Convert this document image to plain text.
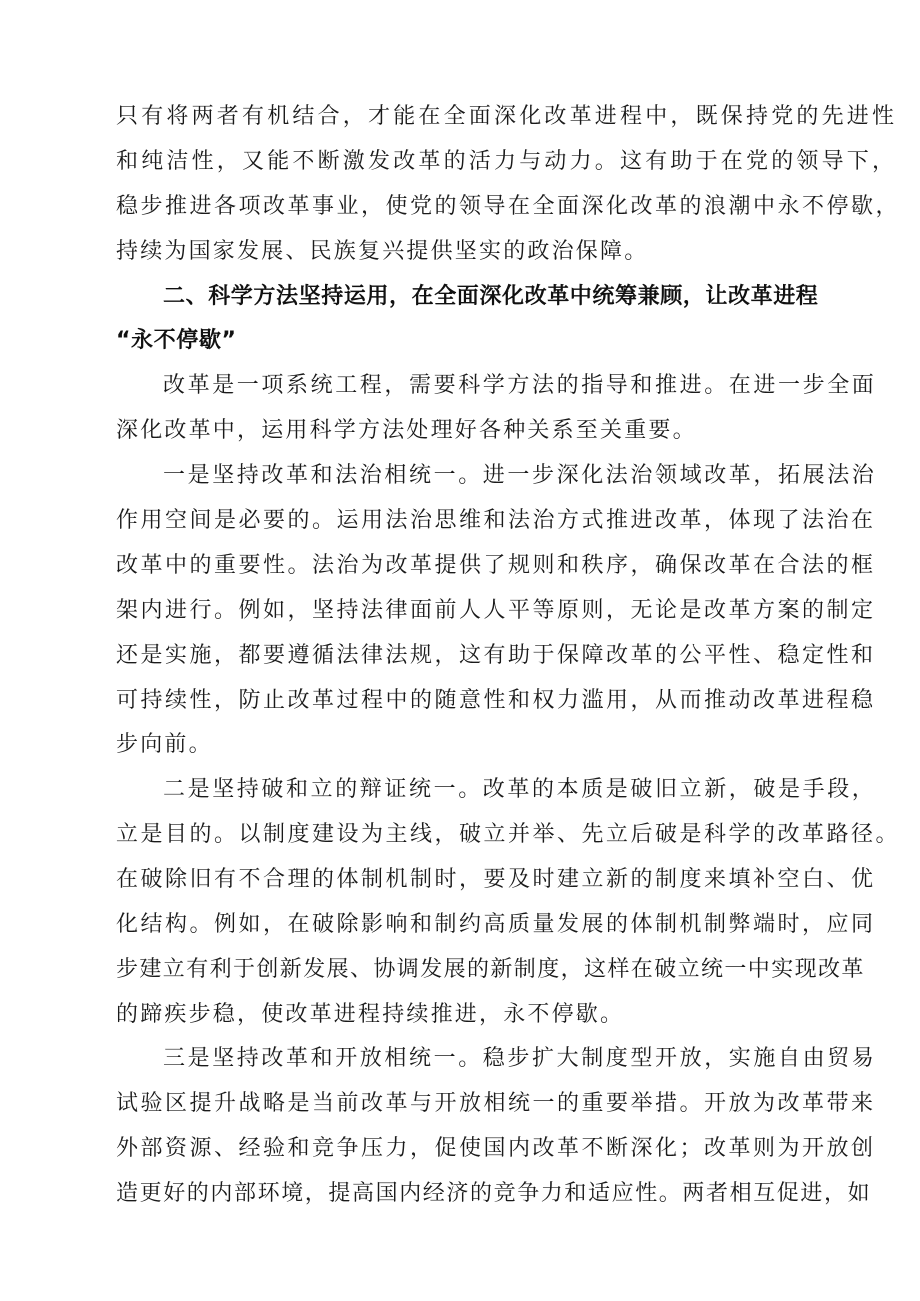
只有将两者有机结合，才能在全面深化改革进程中，既保持党的先进性
和纯洁性，又能不断激发改革的活力与动力。这有助于在党的领导下，
稳步推进各项改革事业，使党的领导在全面深化改革的浪潮中永不停歇，
持续为国家发展、民族复兴提供坚实的政治保障。
二、科学方法坚持运用，在全面深化改革中统筹兼顾，让改革进程
“永不停歇”
改革是一项系统工程，需要科学方法的指导和推进。在进一步全面
深化改革中，运用科学方法处理好各种关系至关重要。
一是坚持改革和法治相统一。进一步深化法治领域改革，拓展法治
作用空间是必要的。运用法治思维和法治方式推进改革，体现了法治在
改革中的重要性。法治为改革提供了规则和秩序，确保改革在合法的框
架内进行。例如，坚持法律面前人人平等原则，无论是改革方案的制定
还是实施，都要遵循法律法规，这有助于保障改革的公平性、稳定性和
可持续性，防止改革过程中的随意性和权力滥用，从而推动改革进程稳
步向前。
二是坚持破和立的辩证统一。改革的本质是破旧立新，破是手段，
立是目的。以制度建设为主线，破立并举、先立后破是科学的改革路径。
在破除旧有不合理的体制机制时，要及时建立新的制度来填补空白、优
化结构。例如，在破除影响和制约高质量发展的体制机制弊端时，应同
步建立有利于创新发展、协调发展的新制度，这样在破立统一中实现改革
的蹄疾步稳，使改革进程持续推进，永不停歇。
三是坚持改革和开放相统一。稳步扩大制度型开放，实施自由贸易
试验区提升战略是当前改革与开放相统一的重要举措。开放为改革带来
外部资源、经验和竞争压力，促使国内改革不断深化；改革则为开放创
造更好的内部环境，提高国内经济的竞争力和适应性。两者相互促进，如
